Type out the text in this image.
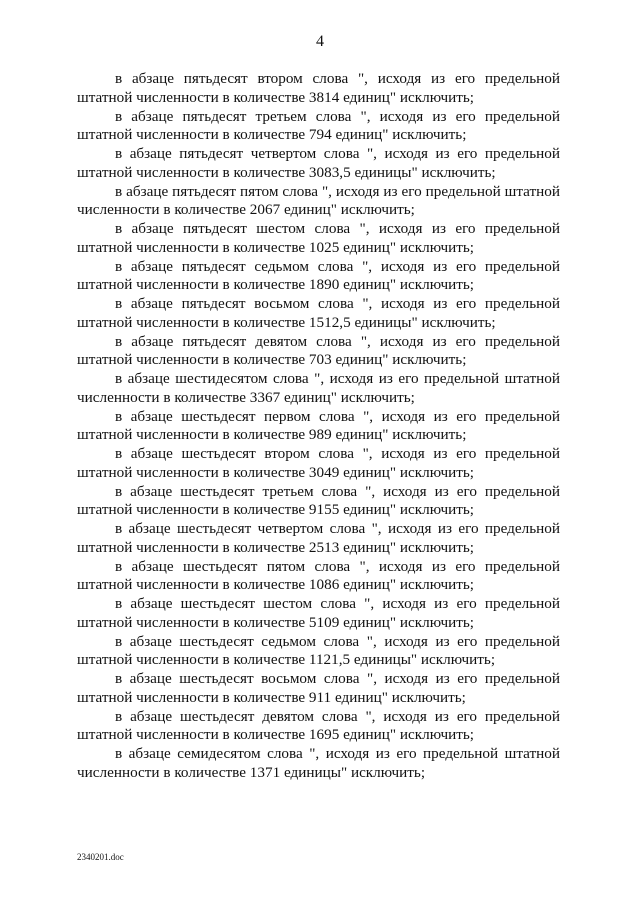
4

в абзаце пятьдесят втором слова ", исходя из его предельной штатной численности в количестве 3814 единиц" исключить;

в абзаце пятьдесят третьем слова ", исходя из его предельной штатной численности в количестве 794 единиц" исключить;

в абзаце пятьдесят четвертом слова ", исходя из его предельной штатной численности в количестве 3083,5 единицы" исключить;

в абзаце пятьдесят пятом слова ", исходя из его предельной штатной численности в количестве 2067 единиц" исключить;

в абзаце пятьдесят шестом слова ", исходя из его предельной штатной численности в количестве 1025 единиц" исключить;

в абзаце пятьдесят седьмом слова ", исходя из его предельной штатной численности в количестве 1890 единиц" исключить;

в абзаце пятьдесят восьмом слова ", исходя из его предельной штатной численности в количестве 1512,5 единицы" исключить;

в абзаце пятьдесят девятом слова ", исходя из его предельной штатной численности в количестве 703 единиц" исключить;

в абзаце шестидесятом слова ", исходя из его предельной штатной численности в количестве 3367 единиц" исключить;

в абзаце шестьдесят первом слова ", исходя из его предельной штатной численности в количестве 989 единиц" исключить;

в абзаце шестьдесят втором слова ", исходя из его предельной штатной численности в количестве 3049 единиц" исключить;

в абзаце шестьдесят третьем слова ", исходя из его предельной штатной численности в количестве 9155 единиц" исключить;

в абзаце шестьдесят четвертом слова ", исходя из его предельной штатной численности в количестве 2513 единиц" исключить;

в абзаце шестьдесят пятом слова ", исходя из его предельной штатной численности в количестве 1086 единиц" исключить;

в абзаце шестьдесят шестом слова ", исходя из его предельной штатной численности в количестве 5109 единиц" исключить;

в абзаце шестьдесят седьмом слова ", исходя из его предельной штатной численности в количестве 1121,5 единицы" исключить;

в абзаце шестьдесят восьмом слова ", исходя из его предельной штатной численности в количестве 911 единиц" исключить;

в абзаце шестьдесят девятом слова ", исходя из его предельной штатной численности в количестве 1695 единиц" исключить;

в абзаце семидесятом слова ", исходя из его предельной штатной численности в количестве 1371 единицы" исключить;

2340201.doc
